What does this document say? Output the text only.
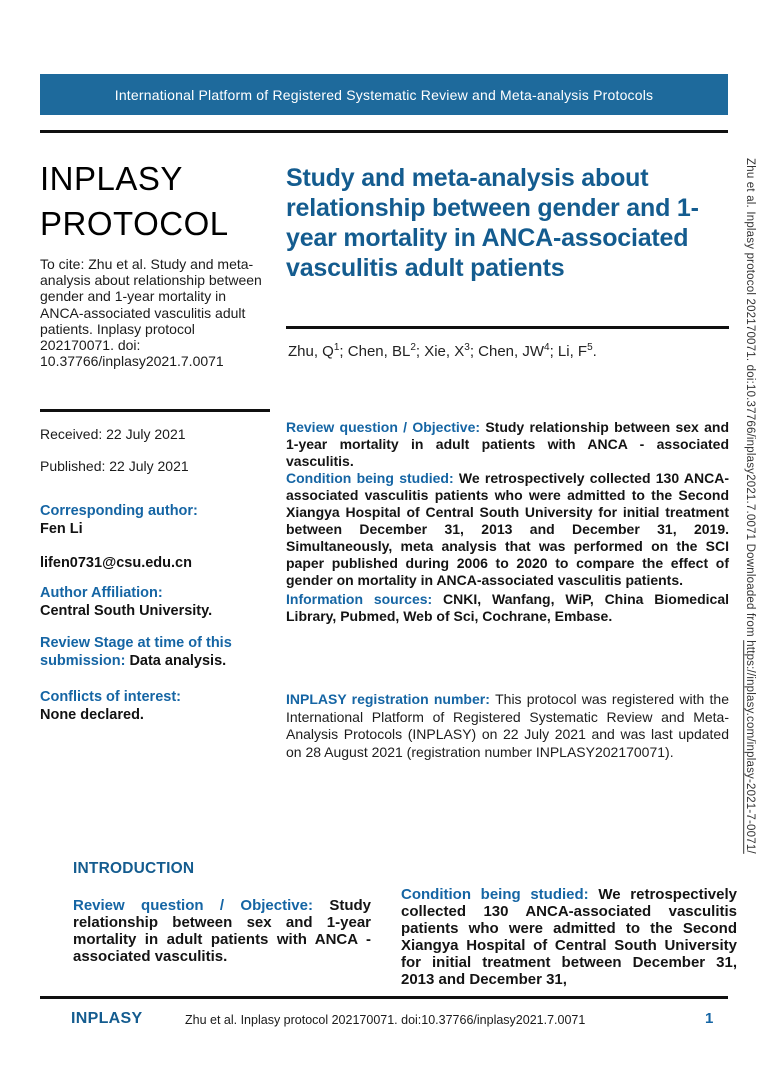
International Platform of Registered Systematic Review and Meta-analysis Protocols
INPLASY
PROTOCOL

To cite: Zhu et al. Study and meta-analysis about relationship between gender and 1-year mortality in ANCA-associated vasculitis adult patients. Inplasy protocol 202170071. doi: 10.37766/inplasy2021.7.0071

Received: 22 July 2021

Published: 22 July 2021

Corresponding author:
Fen Li
lifen0731@csu.edu.cn
Author Affiliation:
Central South University.
Review Stage at time of this submission: Data analysis.
Conflicts of interest:
None declared.
Study and meta-analysis about relationship between gender and 1-year mortality in ANCA-associated vasculitis adult patients

Zhu, $Q^1$; Chen, $BL^2$; Xie, $X^3$; Chen, $JW^4$; Li, $F^5$.

Review question / Objective: Study relationship between sex and 1-year mortality in adult patients with ANCA - associated vasculitis.

Condition being studied: We retrospectively collected 130 ANCA-associated vasculitis patients who were admitted to the Second Xiangya Hospital of Central South University for initial treatment between December 31, 2013 and December 31, 2019. Simultaneously, meta analysis that was performed on the SCI paper published during 2006 to 2020 to compare the effect of gender on mortality in ANCA-associated vasculitis patients.

Information sources: CNKI, Wanfang, WiP, China Biomedical Library, Pubmed, Web of Sci, Cochrane, Embase.

INPLASY registration number: This protocol was registered with the International Platform of Registered Systematic Review and Meta-Analysis Protocols (INPLASY) on 22 July 2021 and was last updated on 28 August 2021 (registration number INPLASY202170071).

INTRODUCTION

Review question / Objective: Study relationship between sex and 1-year mortality in adult patients with ANCA - associated vasculitis.

Condition being studied: We retrospectively collected 130 ANCA-associated vasculitis patients who were admitted to the Second Xiangya Hospital of Central South University for initial treatment between December 31, 2013 and December 31,

INPLASY	Zhu et al. Inplasy protocol 202170071. doi:10.37766/inplasy2021.7.0071	1
Zhu et al. Inplasy protocol 202170071. doi:10.37766/inplasy2021.7.0071 Downloaded from https://inplasy.com/inplasy-2021-7-0071/
